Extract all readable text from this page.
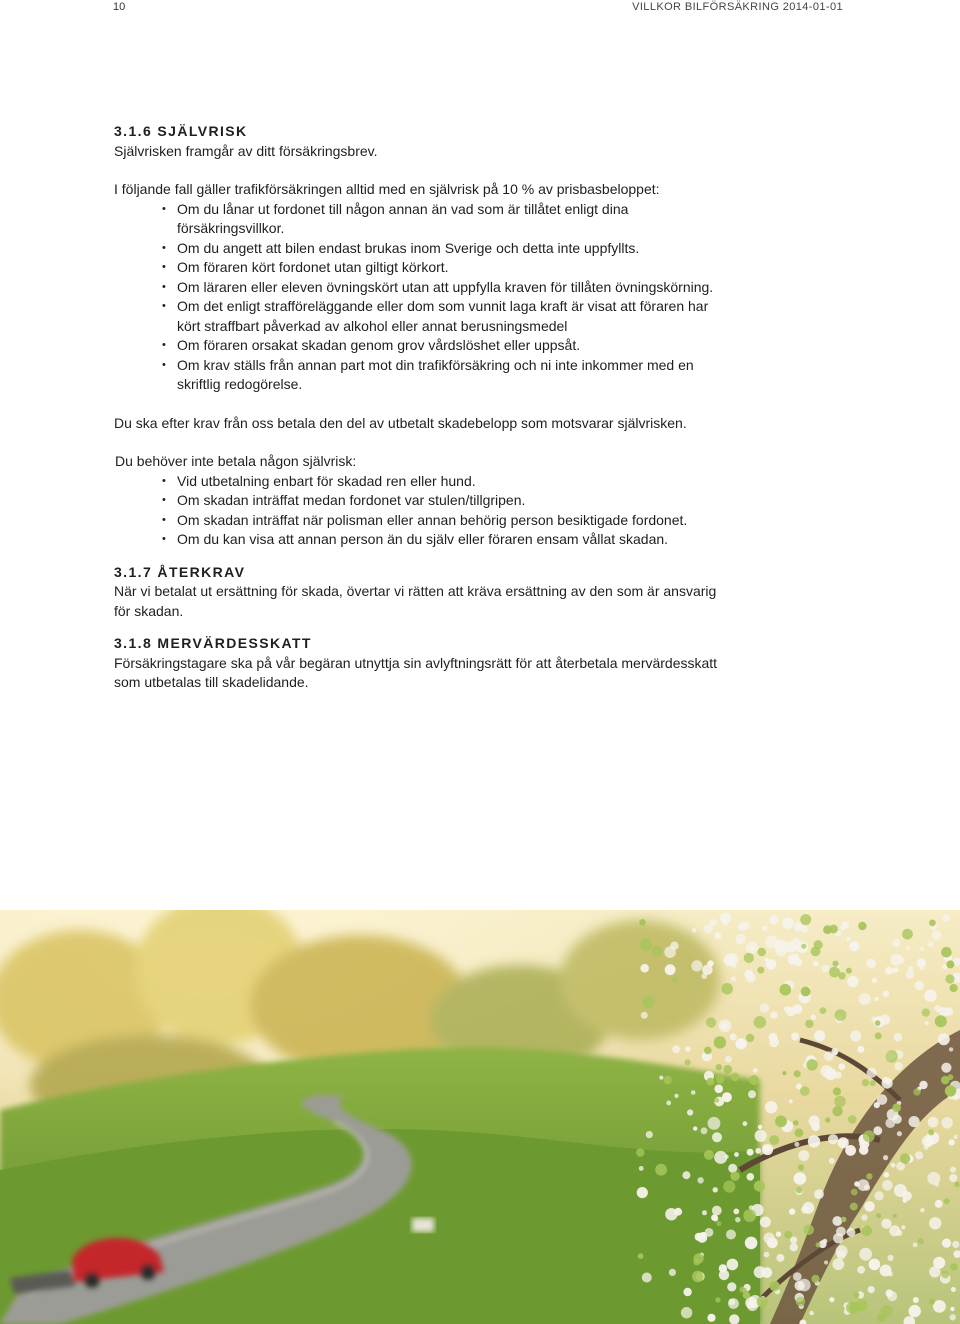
10	VILLKOR BILFÖRSÄKRING 2014-01-01
3.1.6 SJÄLVRISK

Självrisken framgår av ditt försäkringsbrev.

I följande fall gäller trafikförsäkringen alltid med en självrisk på 10 % av prisbasbeloppet:

• Om du lånar ut fordonet till någon annan än vad som är tillåtet enligt dina försäkringsvillkor.
• Om du angett att bilen endast brukas inom Sverige och detta inte uppfyllts.
• Om föraren kört fordonet utan giltigt körkort.
• Om läraren eller eleven övningskört utan att uppfylla kraven för tillåten övningskörning.
• Om det enligt strafföreläggande eller dom som vunnit laga kraft är visat att föraren har kört straffbart påverkad av alkohol eller annat berusningsmedel
• Om föraren orsakat skadan genom grov vårdslöshet eller uppsåt.
• Om krav ställs från annan part mot din trafikförsäkring och ni inte inkommer med en skriftlig redogörelse.

Du ska efter krav från oss betala den del av utbetalt skadebelopp som motsvarar självrisken.

Du behöver inte betala någon självrisk:

• Vid utbetalning enbart för skadad ren eller hund.
• Om skadan inträffat medan fordonet var stulen/tillgripen.
• Om skadan inträffat när polisman eller annan behörig person besiktigade fordonet.
• Om du kan visa att annan person än du själv eller föraren ensam vållat skadan.
3.1.7 ÅTERKRAV

När vi betalat ut ersättning för skada, övertar vi rätten att kräva ersättning av den som är ansvarig för skadan.

3.1.8 MERVÄRDESSKATT

Försäkringstagare ska på vår begäran utnyttja sin avlyftningsrätt för att återbetala mervärdesskatt som utbetalas till skadelidande.
